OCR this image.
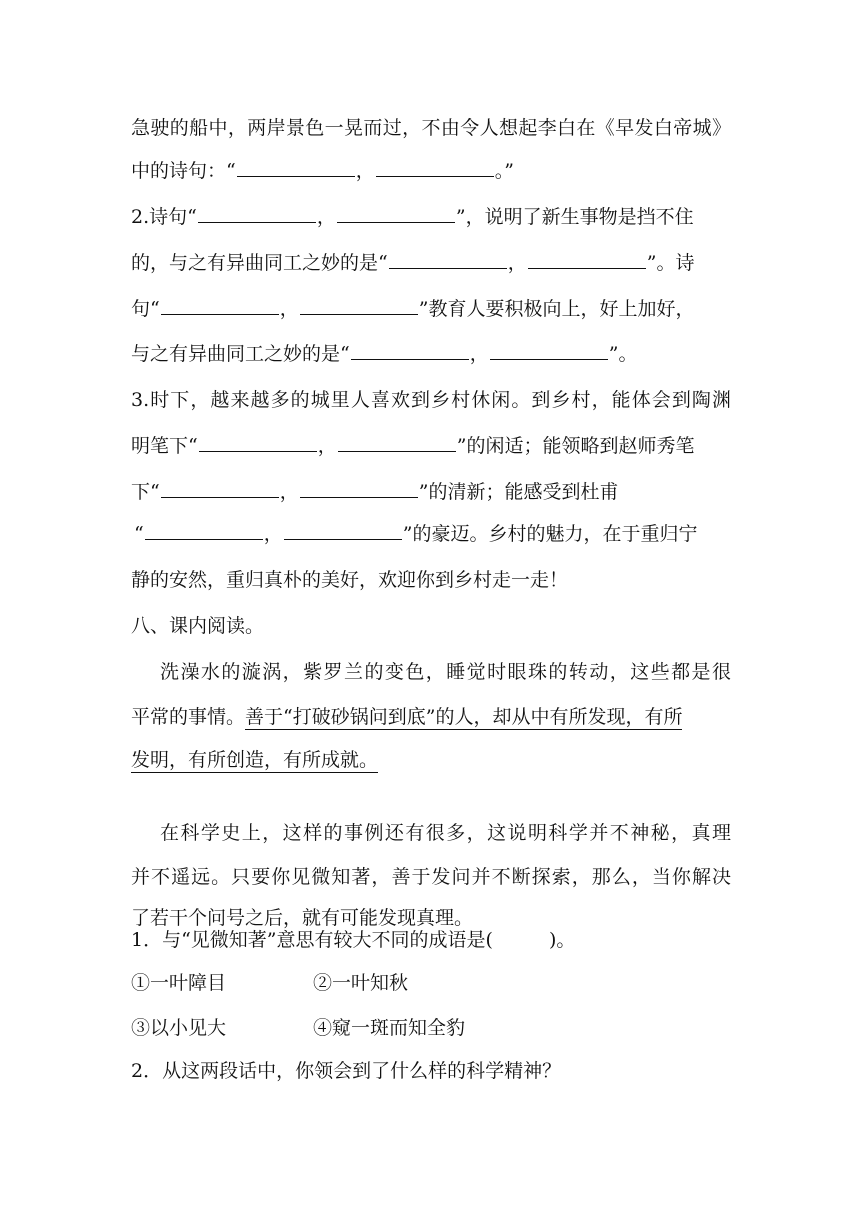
急驶的船中，两岸景色一晃而过，不由令人想起李白在《早发白帝城》
中的诗句：“	，	。”
2.诗句“	，	”，说明了新生事物是挡不住
的，与之有异曲同工之妙的是“	，	”。诗
句“	，	”教育人要积极向上，好上加好，
与之有异曲同工之妙的是“	，	”。
3.时下，越来越多的城里人喜欢到乡村休闲。到乡村，能体会到陶渊
明笔下“	，	”的闲适；能领略到赵师秀笔
下“	，	”的清新；能感受到杜甫
“	，	”的豪迈。乡村的魅力，在于重归宁
静的安然，重归真朴的美好，欢迎你到乡村走一走！
八、课内阅读。
洗澡水的漩涡，紫罗兰的变色，睡觉时眼珠的转动，这些都是很
平常的事情。善于“打破砂锅问到底”的人，却从中有所发现，有所
发明，有所创造，有所成就。
在科学史上，这样的事例还有很多，这说明科学并不神秘，真理
并不遥远。只要你见微知著，善于发问并不断探索，那么，当你解决
了若干个问号之后，就有可能发现真理。
1．与“见微知著”意思有较大不同的成语是(	)。
①一叶障目	②一叶知秋
③以小见大	④窥一斑而知全豹
2．从这两段话中，你领会到了什么样的科学精神？
